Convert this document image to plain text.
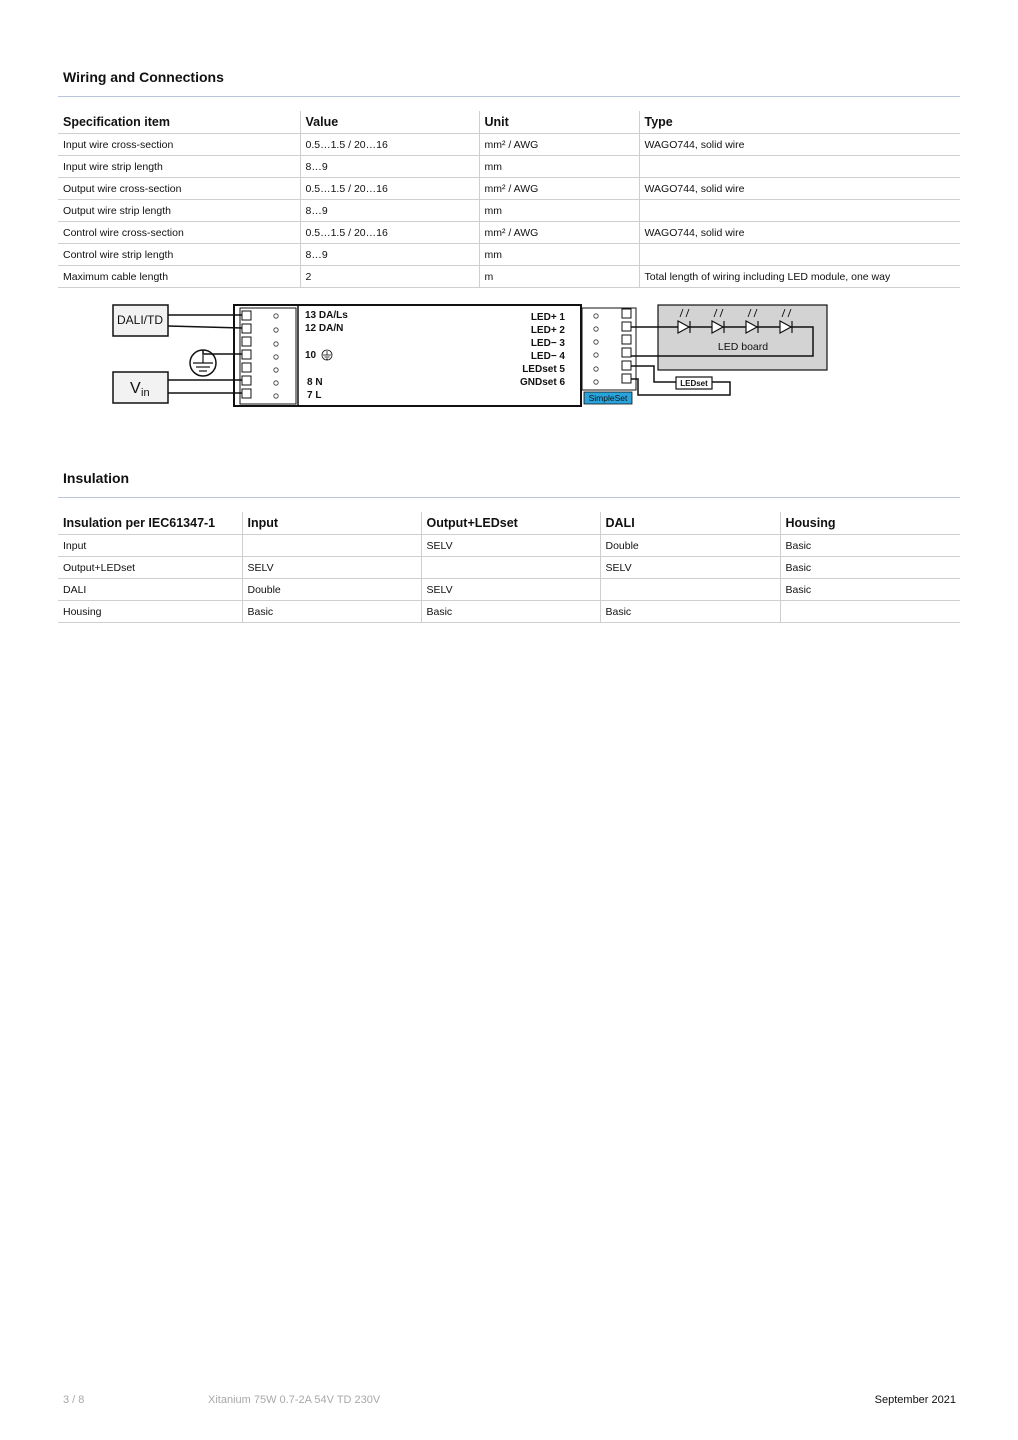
Wiring and Connections
Specification item	Value	Unit	Type
Input wire cross-section	0.5…1.5 / 20…16	mm² / AWG	WAGO744, solid wire
Input wire strip length	8…9	mm	
Output wire cross-section	0.5…1.5 / 20…16	mm² / AWG	WAGO744, solid wire
Output wire strip length	8…9	mm	
Control wire cross-section	0.5…1.5 / 20…16	mm² / AWG	WAGO744, solid wire
Control wire strip length	8…9	mm	
Maximum cable length	2	m	Total length of wiring including LED module, one way
DALI/TD
V in
13 DA/Ls
12 DA/N
10
8 N
7 L
LED+ 1
LED+ 2
LED− 3
LED− 4
LEDset 5
GNDset 6
SimpleSet
LED board
LEDset
Insulation
Insulation per IEC61347-1	Input	Output+LEDset	DALI	Housing
Input		SELV	Double	Basic
Output+LEDset	SELV		SELV	Basic
DALI	Double	SELV		Basic
Housing	Basic	Basic	Basic	
3 / 8	Xitanium 75W 0.7-2A 54V TD 230V	September 2021
